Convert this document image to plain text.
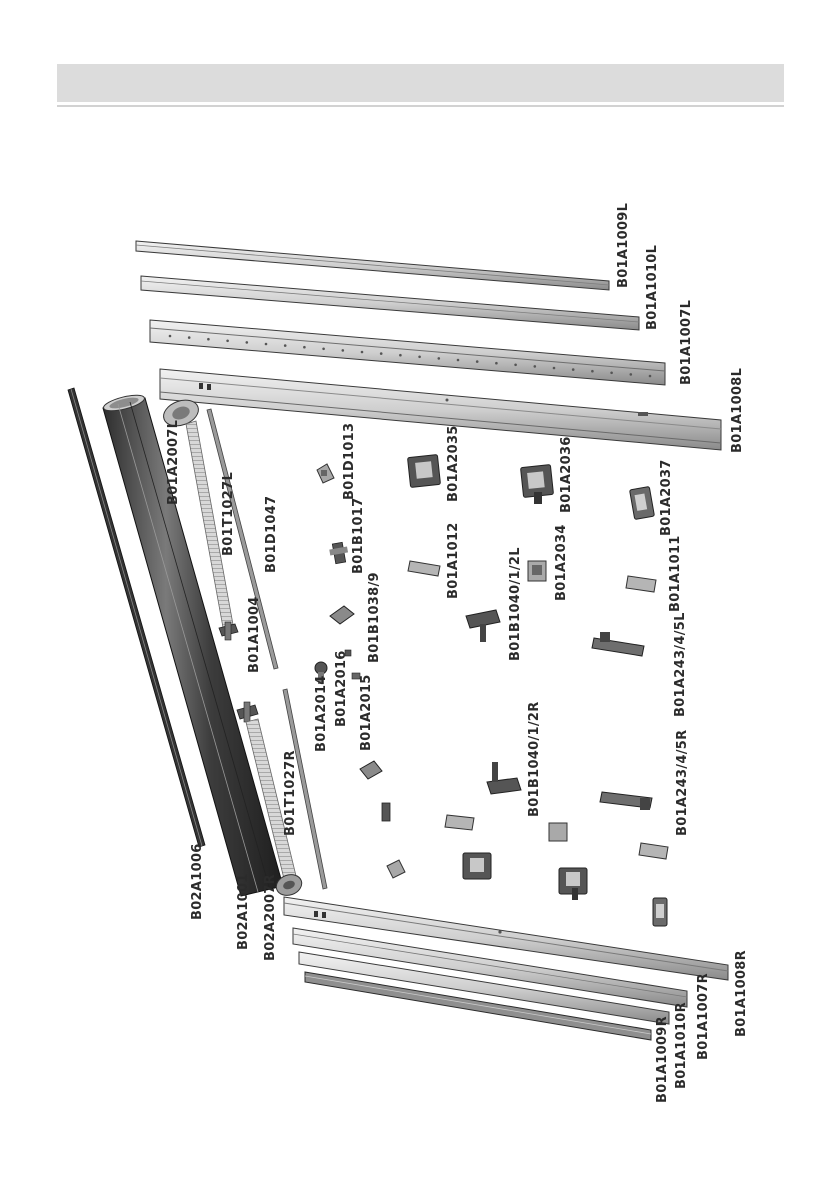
B01A1009L B01A1010L
B01A1007L
B01A1008L
B01D1013	B01A2035	B01A2036	B01A2037
B01A2007L
B01T1027L B01D1047	B01B1017	B01A1012	B01B1040/1/2L B01A2034	B01A1011
B01A1004	B01B1038/9	B01A243/4/5L
B01A2014 B01A2016 B01A2015	B01B1040/1/2R	B01A243/4/5R
B01T1027R
B02A1006 B02A1001 B02A2007R
B01A1009R B01A1010R B01A1007R B01A1008R
